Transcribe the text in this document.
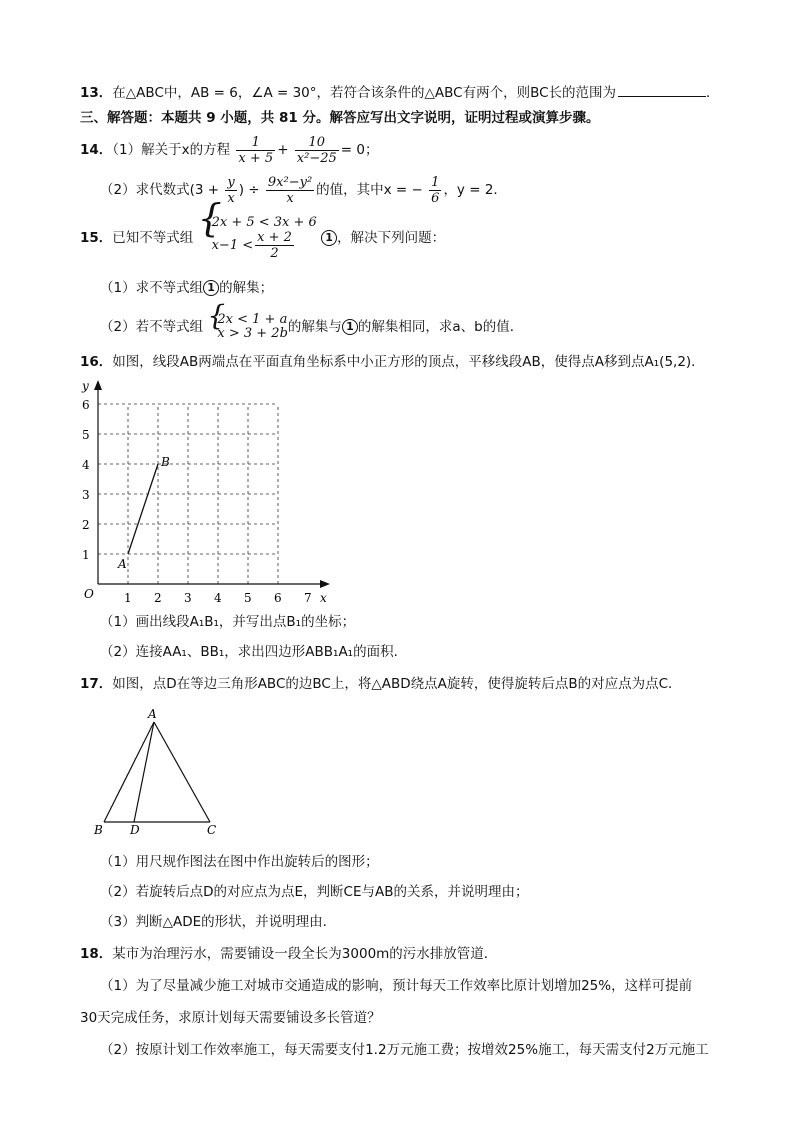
13．在△ABC中，AB = 6，∠A = 30°，若符合该条件的△ABC有两个，则BC长的范围为	．
三、解答题：本题共 9 小题，共 81 分。解答应写出文字说明，证明过程或演算步骤。
14．（1）解关于x的方程 $\frac{1}{x + 5} + \frac{10}{\text{x²−25}} = 0$；
（2）求代数式($3 + \frac{y}{x}$ ) ÷ $\frac{\text{9x²−y²}}{x}$ 的值，其中x = − $\frac{1}{6}$ ，y = 2．
15．已知不等式组 {
2x + 5 < 3x + 6
$x-1 < \frac{x + 2}{2}$	1 ，解决下列问题：
（1）求不等式组 1 的解集；
（2）若不等式组 {
2x < 1 + a
x > 3 + 2b 的解集与 1 的解集相同，求a、b的值．
16．如图，线段AB两端点在平面直角坐标系中小正方形的顶点，平移线段AB，使得点A移到点A₁(5,2)．
y
x
O	1 2 3 4 5 6 7
1
2
3
4
5
6
A
B
（1）画出线段A₁B₁，并写出点B₁的坐标；
（2）连接AA₁、BB₁，求出四边形ABB₁A₁的面积．
17．如图，点D在等边三角形ABC的边BC上，将△ABD绕点A旋转，使得旋转后点B的对应点为点C．
A
B D	C
（1）用尺规作图法在图中作出旋转后的图形；
（2）若旋转后点D的对应点为点E，判断CE与AB的关系，并说明理由；
（3）判断△ADE的形状，并说明理由．
18．某市为治理污水，需要铺设一段全长为3000m的污水排放管道．
（1）为了尽量减少施工对城市交通造成的影响，预计每天工作效率比原计划增加25%，这样可提前
30天完成任务，求原计划每天需要铺设多长管道？
（2）按原计划工作效率施工，每天需要支付1.2万元施工费；按增效25%施工，每天需支付2万元施工
